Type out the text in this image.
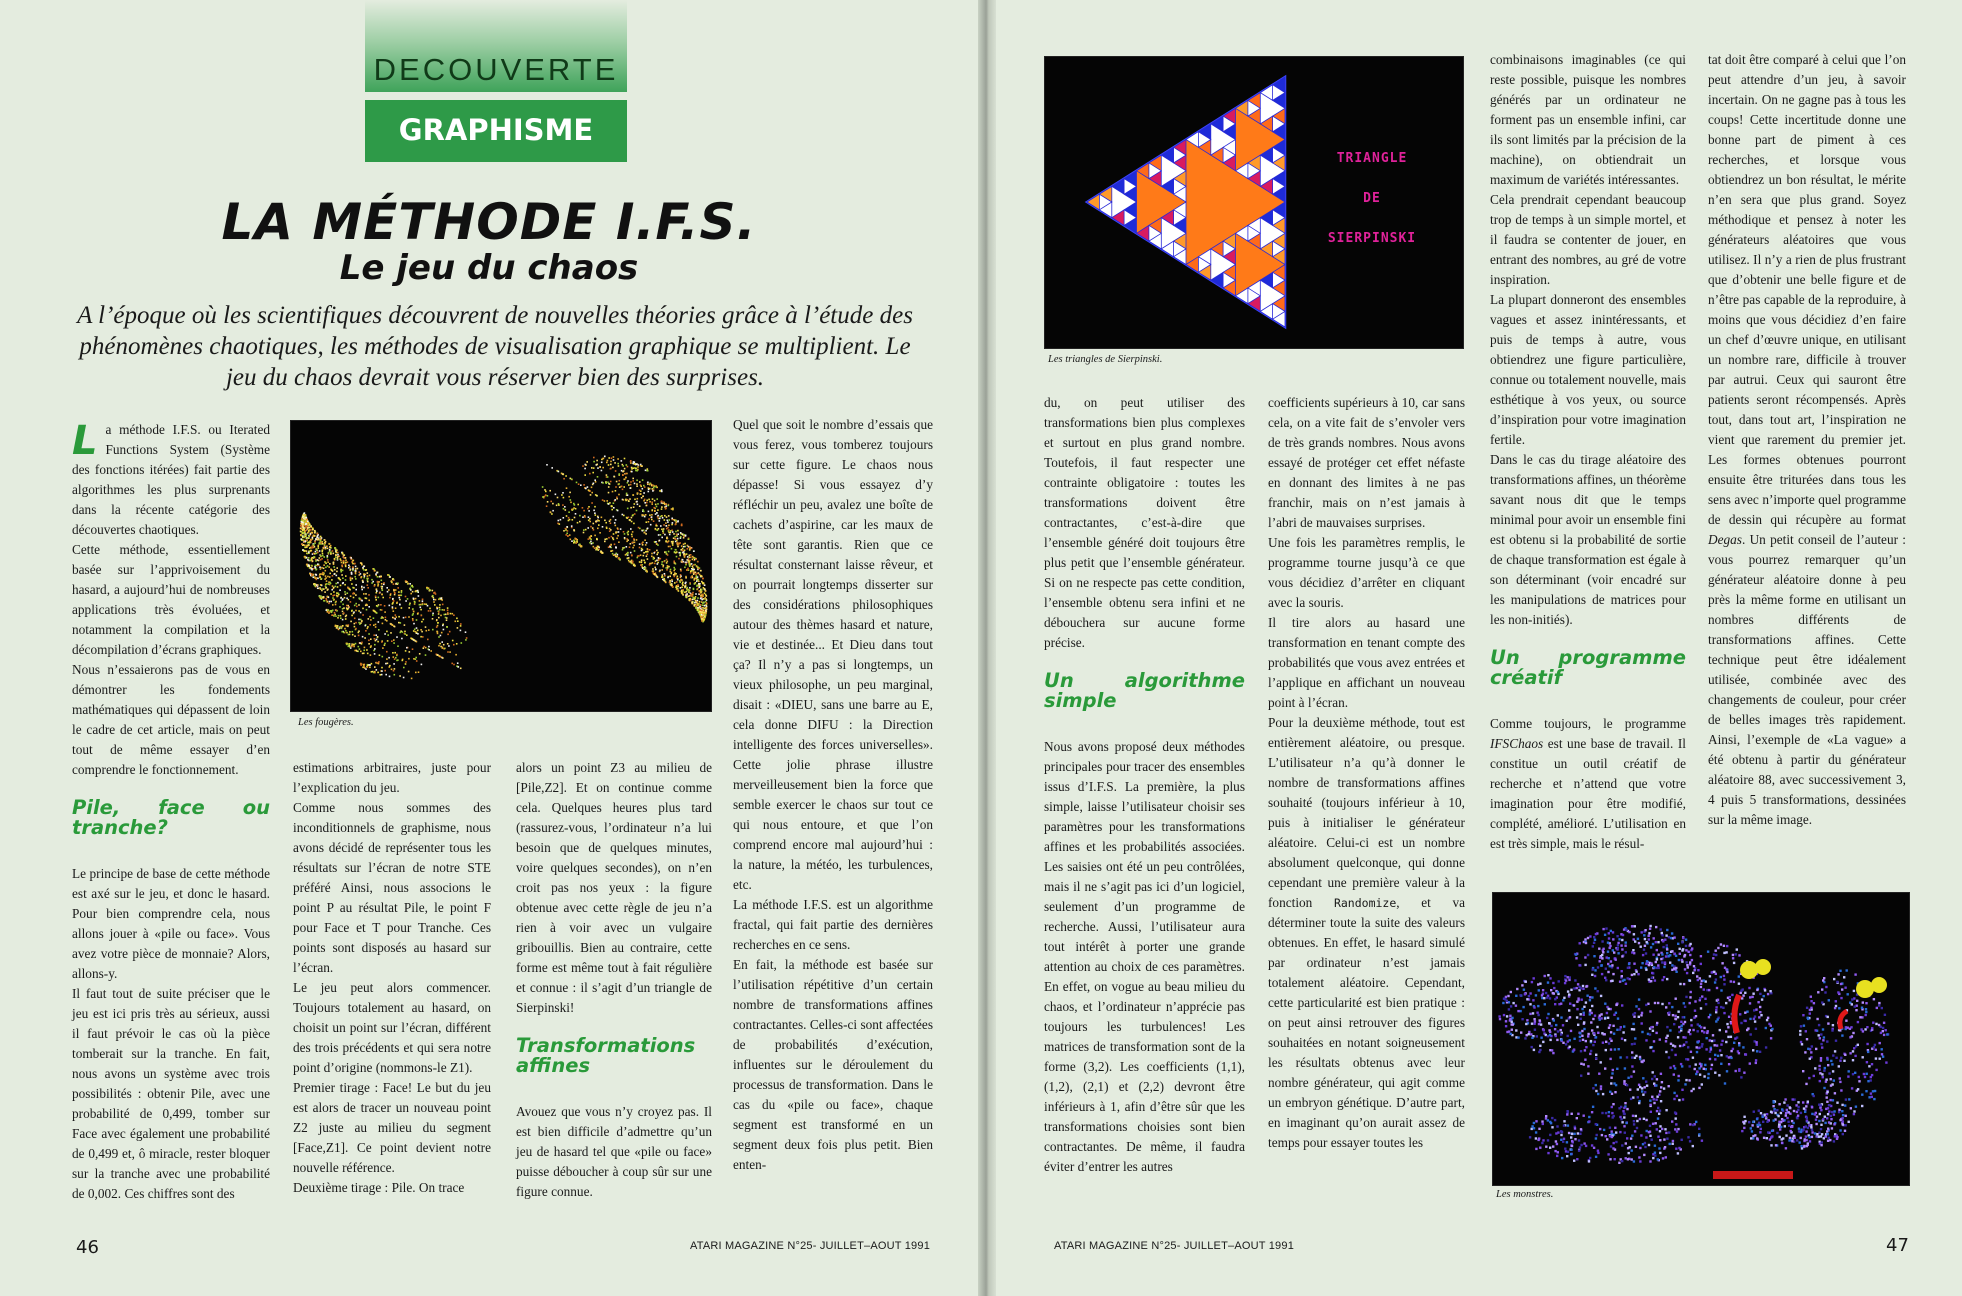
DECOUVERTE
GRAPHISME
LA MÉTHODE I.F.S.
Le jeu du chaos
A l’époque où les scientifiques découvrent de nouvelles théories grâce à l’étude des phénomènes chaotiques, les méthodes de visualisation graphique se multiplient. Le jeu du chaos devrait vous réserver bien des surprises.

La méthode I.F.S. ou Iterated Functions System (Système des fonctions itérées) fait partie des algorithmes les plus surprenants dans la récente catégorie des découvertes chaotiques.

Cette méthode, essentiellement basée sur l’apprivoisement du hasard, a aujourd’hui de nombreuses applications très évoluées, et notamment la compilation et la décompilation d’écrans graphiques.

Nous n’essaierons pas de vous en démontrer les fondements mathématiques qui dépassent de loin le cadre de cet article, mais on peut tout de même essayer d’en comprendre le fonctionnement.

Pile, face ou tranche?

Le principe de base de cette méthode est axé sur le jeu, et donc le hasard. Pour bien comprendre cela, nous allons jouer à «pile ou face». Vous avez votre pièce de monnaie? Alors, allons-y.

Il faut tout de suite préciser que le jeu est ici pris très au sérieux, aussi il faut prévoir le cas où la pièce tomberait sur la tranche. En fait, nous avons un système avec trois possibilités : obtenir Pile, avec une probabilité de 0,499, tomber sur Face avec également une probabilité de 0,499 et, ô miracle, rester bloquer sur la tranche avec une probabilité de 0,002. Ces chiffres sont des

Les fougères.

estimations arbitraires, juste pour l’explication du jeu.

Comme nous sommes des inconditionnels de graphisme, nous avons décidé de représenter tous les résultats sur l’écran de notre STE préféré Ainsi, nous associons le point P au résultat Pile, le point F pour Face et T pour Tranche. Ces points sont disposés au hasard sur l’écran.

Le jeu peut alors commencer. Toujours totalement au hasard, on choisit un point sur l’écran, différent des trois précédents et qui sera notre point d’origine (nommons-le Z1).

Premier tirage : Face! Le but du jeu est alors de tracer un nouveau point Z2 juste au milieu du segment [Face,Z1]. Ce point devient notre nouvelle référence.

Deuxième tirage : Pile. On trace

alors un point Z3 au milieu de [Pile,Z2]. Et on continue comme cela. Quelques heures plus tard (rassurez-vous, l’ordinateur n’a lui besoin que de quelques minutes, voire quelques secondes), on n’en croit pas nos yeux : la figure obtenue avec cette règle de jeu n’a rien à voir avec un vulgaire gribouillis. Bien au contraire, cette forme est même tout à fait régulière et connue : il s’agit d’un triangle de Sierpinski!

Transformations affines

Avouez que vous n’y croyez pas. Il est bien difficile d’admettre qu’un jeu de hasard tel que «pile ou face» puisse déboucher à coup sûr sur une figure connue.

Quel que soit le nombre d’essais que vous ferez, vous tomberez toujours sur cette figure. Le chaos nous dépasse! Si vous essayez d’y réfléchir un peu, avalez une boîte de cachets d’aspirine, car les maux de tête sont garantis. Rien que ce résultat consternant laisse rêveur, et on pourrait longtemps disserter sur des considérations philosophiques autour des thèmes hasard et nature, vie et destinée... Et Dieu dans tout ça? Il n’y a pas si longtemps, un vieux philosophe, un peu marginal, disait : «DIEU, sans une barre au E, cela donne DIFU : la Direction intelligente des forces universelles». Cette jolie phrase illustre merveilleusement bien la force que semble exercer le chaos sur tout ce qui nous entoure, et que l’on comprend encore mal aujourd’hui : la nature, la météo, les turbulences, etc.

La méthode I.F.S. est un algorithme fractal, qui fait partie des dernières recherches en ce sens.

En fait, la méthode est basée sur l’utilisation répétitive d’un certain nombre de transformations affines contractantes. Celles-ci sont affectées de probabilités d’exécution, influentes sur le déroulement du processus de transformation. Dans le cas du «pile ou face», chaque segment est transformé en un segment deux fois plus petit. Bien enten-

46	ATARI MAGAZINE N°25- JUILLET–AOUT 1991
TRIANGLE
DE
SIERPINSKI
Les triangles de Sierpinski.

du, on peut utiliser des transformations bien plus complexes et surtout en plus grand nombre. Toutefois, il faut respecter une contrainte obligatoire : toutes les transformations doivent être contractantes, c’est-à-dire que l’ensemble généré doit toujours être plus petit que l’ensemble générateur. Si on ne respecte pas cette condition, l’ensemble obtenu sera infini et ne débouchera sur aucune forme précise.

Un algorithme simple

Nous avons proposé deux méthodes principales pour tracer des ensembles issus d’I.F.S. La première, la plus simple, laisse l’utilisateur choisir ses paramètres pour les transformations affines et les probabilités associées. Les saisies ont été un peu contrôlées, mais il ne s’agit pas ici d’un logiciel, seulement d’un programme de recherche. Aussi, l’utilisateur aura tout intérêt à porter une grande attention au choix de ces paramètres. En effet, on vogue au beau milieu du chaos, et l’ordinateur n’apprécie pas toujours les turbulences! Les matrices de transformation sont de la forme (3,2). Les coefficients (1,1), (1,2), (2,1) et (2,2) devront être inférieurs à 1, afin d’être sûr que les transformations choisies sont bien contractantes. De même, il faudra éviter d’entrer les autres

coefficients supérieurs à 10, car sans cela, on a vite fait de s’envoler vers de très grands nombres. Nous avons essayé de protéger cet effet néfaste en donnant des limites à ne pas franchir, mais on n’est jamais à l’abri de mauvaises surprises.

Une fois les paramètres remplis, le programme tourne jusqu’à ce que vous décidiez d’arrêter en cliquant avec la souris.

Il tire alors au hasard une transformation en tenant compte des probabilités que vous avez entrées et l’applique en affichant un nouveau point à l’écran.

Pour la deuxième méthode, tout est entièrement aléatoire, ou presque. L’utilisateur n’a qu’à donner le nombre de transformations affines souhaité (toujours inférieur à 10, puis à initialiser le générateur aléatoire. Celui-ci est un nombre absolument quelconque, qui donne cependant une première valeur à la fonction Randomize, et va déterminer toute la suite des valeurs obtenues. En effet, le hasard simulé par ordinateur n’est jamais totalement aléatoire. Cependant, cette particularité est bien pratique : on peut ainsi retrouver des figures souhaitées en notant soigneusement les résultats obtenus avec leur nombre générateur, qui agit comme un embryon génétique. D’autre part, en imaginant qu’on aurait assez de temps pour essayer toutes les

combinaisons imaginables (ce qui reste possible, puisque les nombres générés par un ordinateur ne forment pas un ensemble infini, car ils sont limités par la précision de la machine), on obtiendrait un maximum de variétés intéressantes.

Cela prendrait cependant beaucoup trop de temps à un simple mortel, et il faudra se contenter de jouer, en entrant des nombres, au gré de votre inspiration.

La plupart donneront des ensembles vagues et assez inintéressants, et puis de temps à autre, vous obtiendrez une figure particulière, connue ou totalement nouvelle, mais esthétique à vos yeux, ou source d’inspiration pour votre imagination fertile.

Dans le cas du tirage aléatoire des transformations affines, un théorème savant nous dit que le temps minimal pour avoir un ensemble fini est obtenu si la probabilité de sortie de chaque transformation est égale à son déterminant (voir encadré sur les manipulations de matrices pour les non-initiés).

Un programme créatif

Comme toujours, le programme IFSChaos est une base de travail. Il constitue un outil créatif de recherche et n’attend que votre imagination pour être modifié, complété, amélioré. L’utilisation en est très simple, mais le résul-

tat doit être comparé à celui que l’on peut attendre d’un jeu, à savoir incertain. On ne gagne pas à tous les coups! Cette incertitude donne une bonne part de piment à ces recherches, et lorsque vous obtiendrez un bon résultat, le mérite n’en sera que plus grand. Soyez méthodique et pensez à noter les générateurs aléatoires que vous utilisez. Il n’y a rien de plus frustrant que d’obtenir une belle figure et de n’être pas capable de la reproduire, à moins que vous décidiez d’en faire un chef d’œuvre unique, en utilisant un nombre rare, difficile à trouver par autrui. Ceux qui sauront être patients seront récompensés. Après tout, dans tout art, l’inspiration ne vient que rarement du premier jet. Les formes obtenues pourront ensuite être triturées dans tous les sens avec n’importe quel programme de dessin qui récupère au format Degas. Un petit conseil de l’auteur : vous pourrez remarquer qu’un générateur aléatoire donne à peu près la même forme en utilisant un nombres différents de transformations affines. Cette technique peut être idéalement utilisée, combinée avec des changements de couleur, pour créer de belles images très rapidement. Ainsi, l’exemple de «La vague» a été obtenu à partir du générateur aléatoire 88, avec successivement 3, 4 puis 5 transformations, dessinées sur la même image.

Les monstres.
ATARI MAGAZINE N°25- JUILLET–AOUT 1991	47
